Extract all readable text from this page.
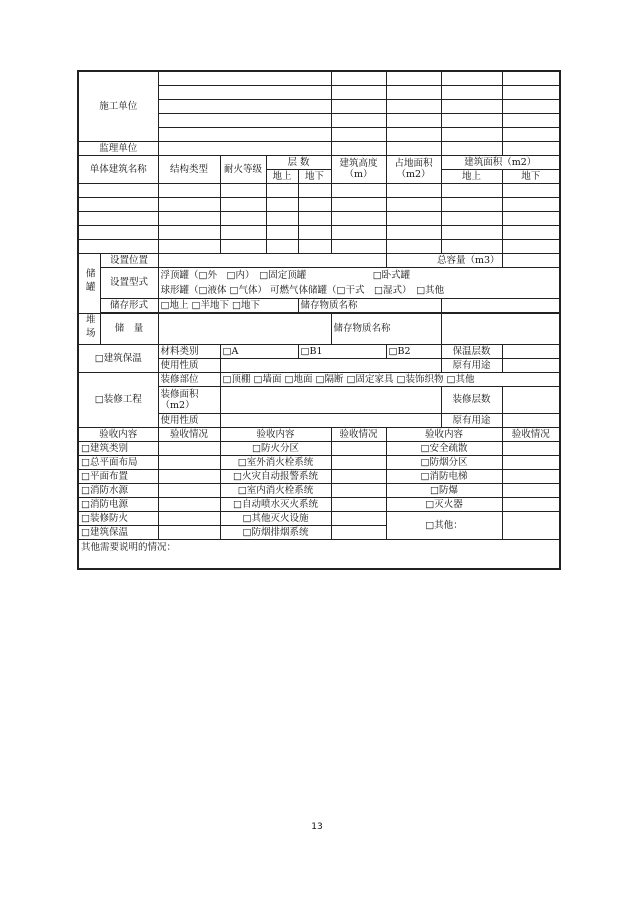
施工单位									

监理单位									
单体建筑名称		结构类型	耐火等级	层 数		建筑高度（m）	占地面积（m2）	建筑面积（m2）	
				地上	地下			地上	地下

储罐	设置位置						总容量（m3）		
	设置型式	浮顶罐（□外　□内）　□固定顶罐　　　　　　　□卧式罐
球形罐（□液体 □气体） 可燃气体储罐（□干式　□湿式）　□其他							

	储存形式	□地上 □半地下 □地下			储存物质名称				

堆场	储　量					储存物质名称			
□建筑保温		材料类别	□A		□B1		□B2	保温层数	
		使用性质						原有用途	
□装修工程		装修部位	□顶棚 □墙面 □地面 □隔断 □固定家具 □装饰织物 □其他						
		装修面积（m2）						装修层数	
		使用性质						原有用途	
验收内容		验收情况	验收内容			验收情况	验收内容		验收情况
□建筑类别			□防火分区				□安全疏散		
□总平面布局			□室外消火栓系统				□防烟分区		
□平面布置			□火灾自动报警系统				□消防电梯		
□消防水源			□室内消火栓系统				□防爆		
□消防电源			□自动喷水灭火系统				□灭火器		
□装修防火			□其他灭火设施				□其他：		
□建筑保温			□防烟排烟系统						
其他需要说明的情况：									
13
